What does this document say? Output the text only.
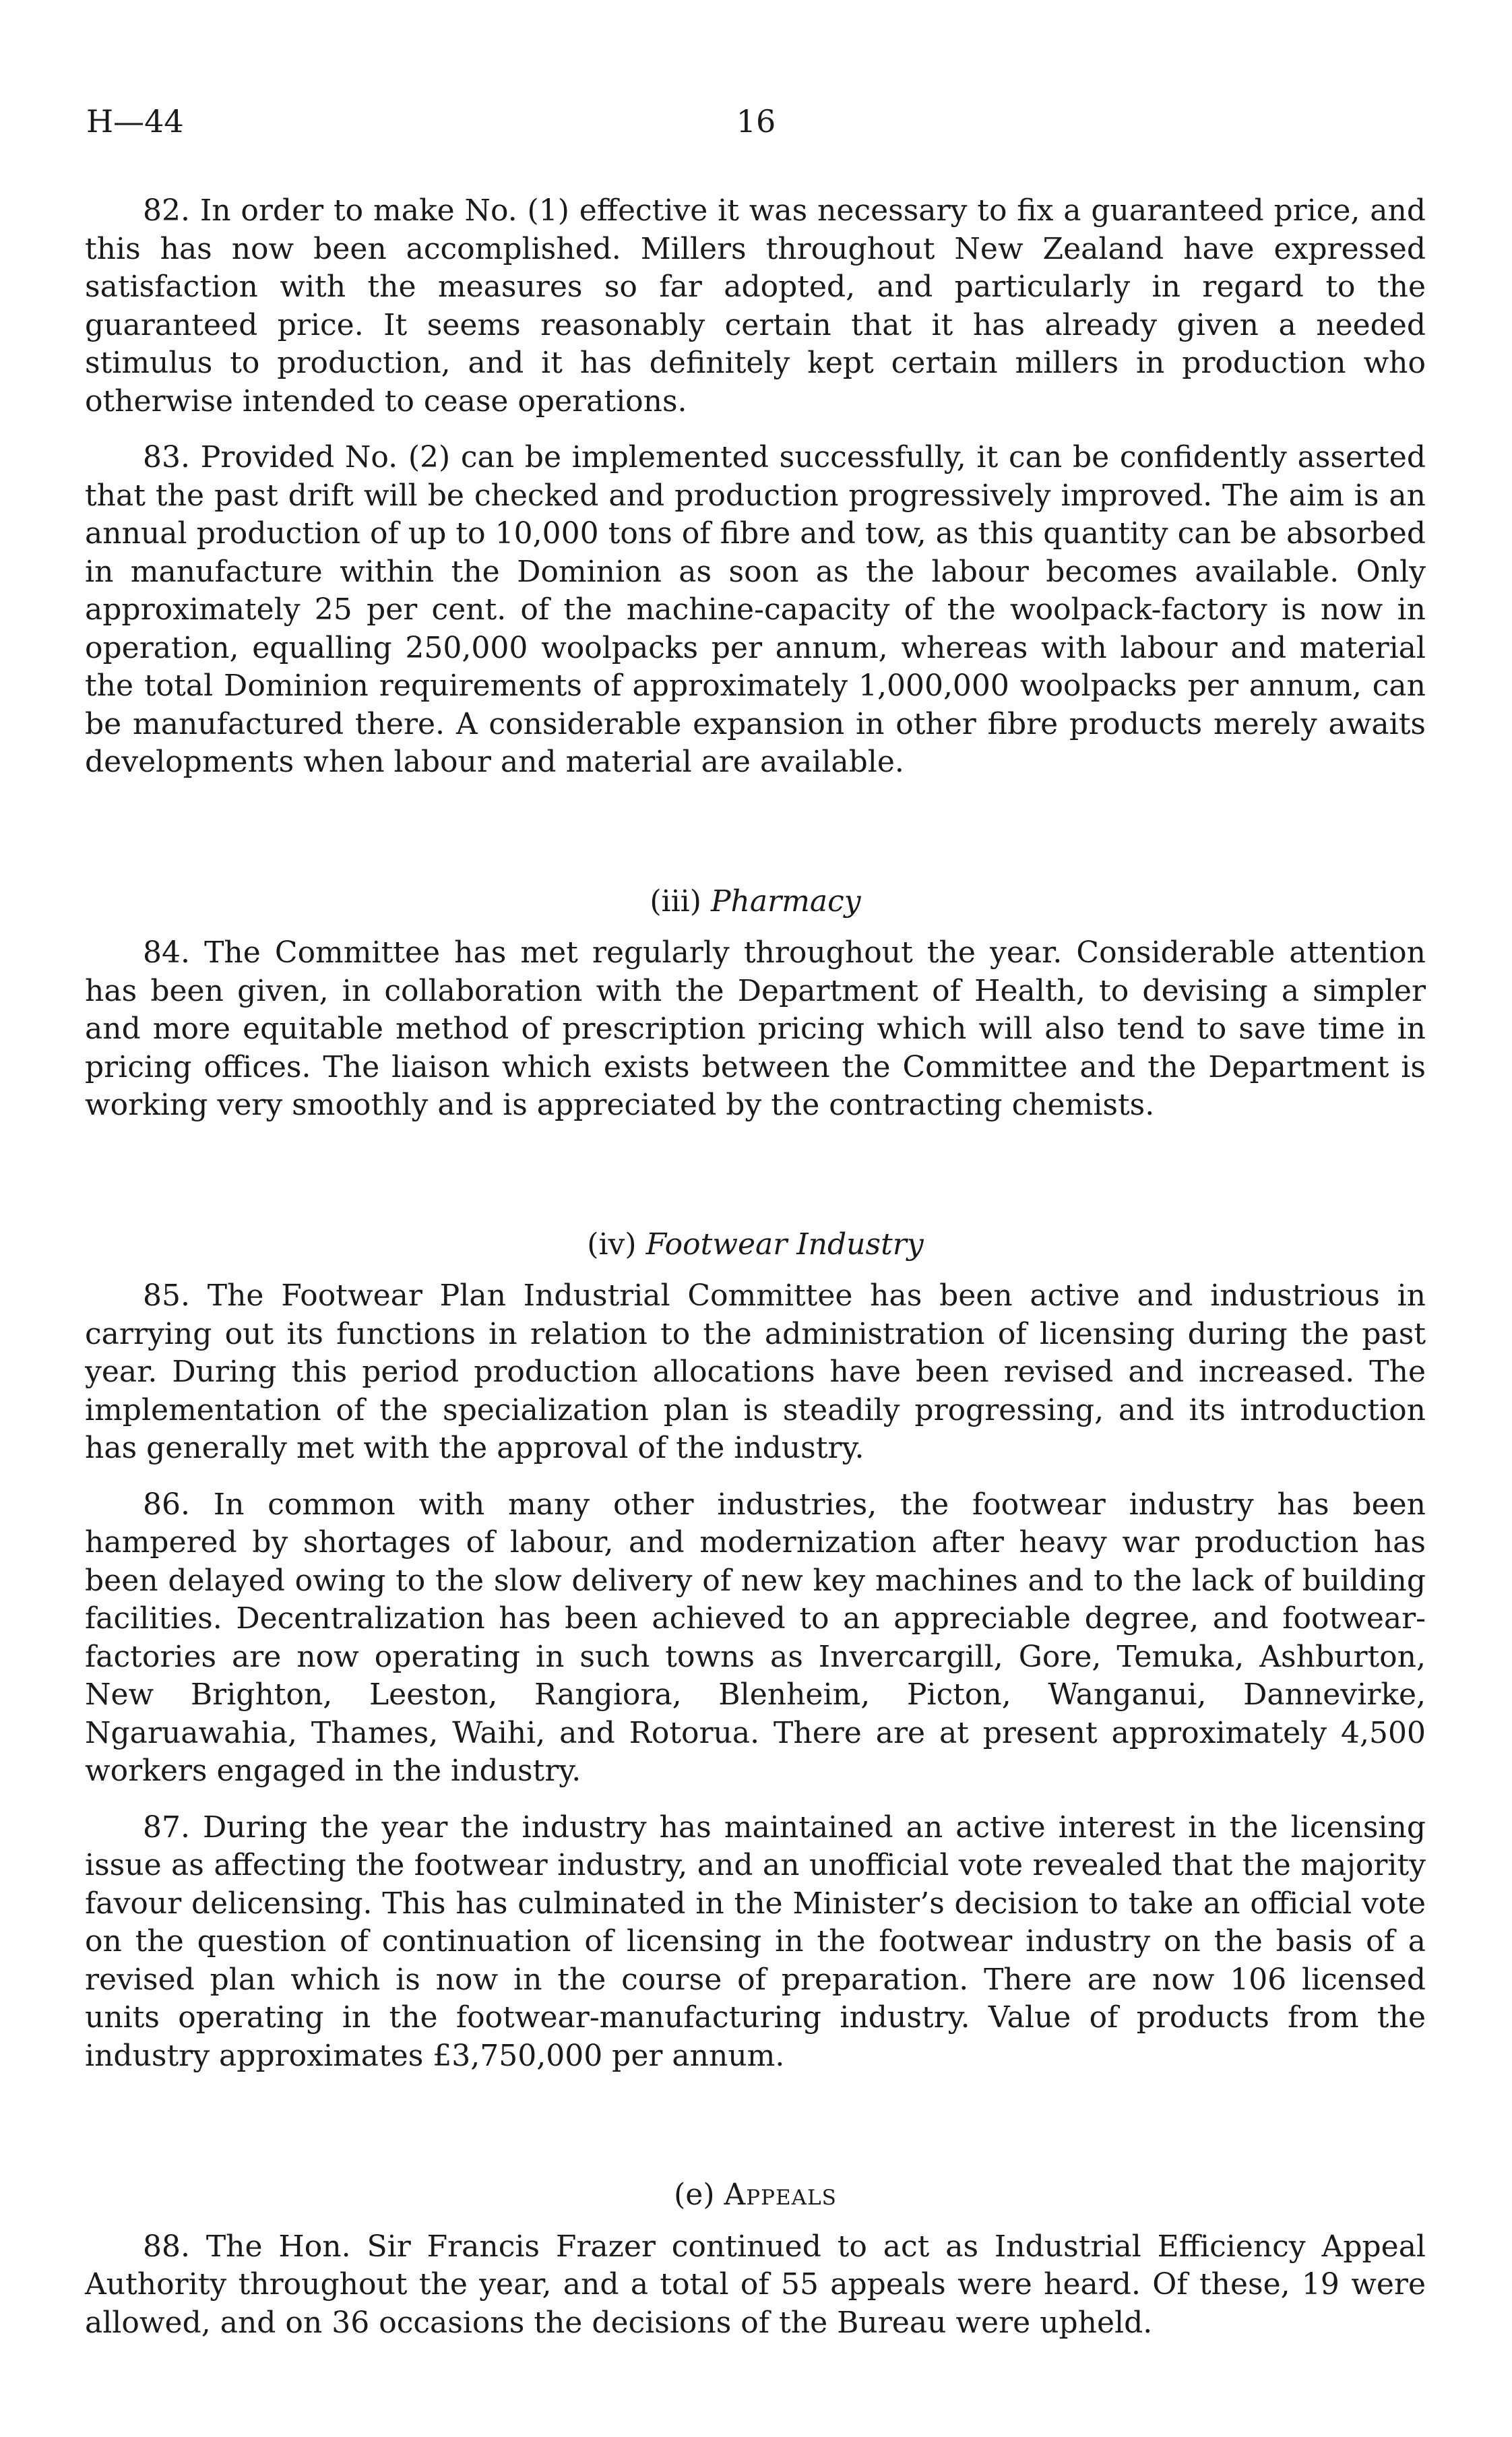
H—44	16

82. In order to make No. (1) effective it was necessary to fix a guaranteed price, and this has now been accomplished. Millers throughout New Zealand have expressed satisfaction with the measures so far adopted, and particularly in regard to the guaranteed price. It seems reasonably certain that it has already given a needed stimulus to production, and it has definitely kept certain millers in production who otherwise intended to cease operations.

83. Provided No. (2) can be implemented successfully, it can be confidently asserted that the past drift will be checked and production progressively improved. The aim is an annual production of up to 10,000 tons of fibre and tow, as this quantity can be absorbed in manufacture within the Dominion as soon as the labour becomes available. Only approximately 25 per cent. of the machine-capacity of the woolpack-factory is now in operation, equalling 250,000 woolpacks per annum, whereas with labour and material the total Dominion requirements of approximately 1,000,000 woolpacks per annum, can be manufactured there. A considerable expansion in other fibre products merely awaits developments when labour and material are available.

(iii) Pharmacy

84. The Committee has met regularly throughout the year. Considerable attention has been given, in collaboration with the Department of Health, to devising a simpler and more equitable method of prescription pricing which will also tend to save time in pricing offices. The liaison which exists between the Committee and the Department is working very smoothly and is appreciated by the contracting chemists.

(iv) Footwear Industry

85. The Footwear Plan Industrial Committee has been active and industrious in carrying out its functions in relation to the administration of licensing during the past year. During this period production allocations have been revised and increased. The implementation of the specialization plan is steadily progressing, and its introduction has generally met with the approval of the industry.

86. In common with many other industries, the footwear industry has been hampered by shortages of labour, and modernization after heavy war production has been delayed owing to the slow delivery of new key machines and to the lack of building facilities. Decentralization has been achieved to an appreciable degree, and footwear-factories are now operating in such towns as Invercargill, Gore, Temuka, Ashburton, New Brighton, Leeston, Rangiora, Blenheim, Picton, Wanganui, Dannevirke, Ngaruawahia, Thames, Waihi, and Rotorua. There are at present approximately 4,500 workers engaged in the industry.

87. During the year the industry has maintained an active interest in the licensing issue as affecting the footwear industry, and an unofficial vote revealed that the majority favour delicensing. This has culminated in the Minister’s decision to take an official vote on the question of continuation of licensing in the footwear industry on the basis of a revised plan which is now in the course of preparation. There are now 106 licensed units operating in the footwear-manufacturing industry. Value of products from the industry approximates £3,750,000 per annum.

(e) Appeals

88. The Hon. Sir Francis Frazer continued to act as Industrial Efficiency Appeal Authority throughout the year, and a total of 55 appeals were heard. Of these, 19 were allowed, and on 36 occasions the decisions of the Bureau were upheld.
